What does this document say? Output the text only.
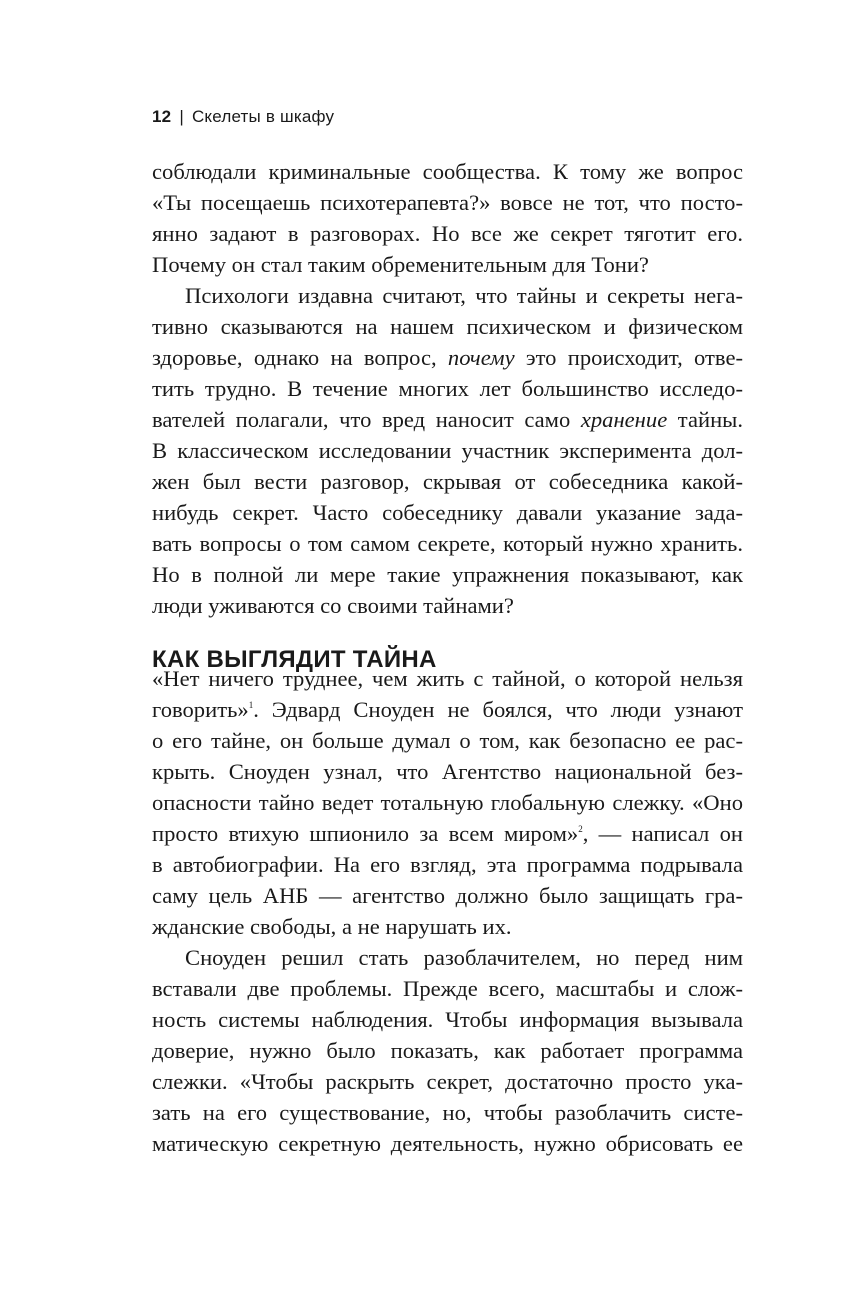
12 | Скелеты в шкафу
соблюдали криминальные сообщества. К тому же вопрос
«Ты посещаешь психотерапевта?» вовсе не тот, что посто-
янно задают в разговорах. Но все же секрет тяготит его.
Почему он стал таким обременительным для Тони?
Психологи издавна считают, что тайны и секреты нега-
тивно сказываются на нашем психическом и физическом
здоровье, однако на вопрос, почему это происходит, отве-
тить трудно. В течение многих лет большинство исследо-
вателей полагали, что вред наносит само хранение тайны.
В классическом исследовании участник эксперимента дол-
жен был вести разговор, скрывая от собеседника какой-
нибудь секрет. Часто собеседнику давали указание зада-
вать вопросы о том самом секрете, который нужно хранить.
Но в полной ли мере такие упражнения показывают, как
люди уживаются со своими тайнами?
КАК ВЫГЛЯДИТ ТАЙНА
«Нет ничего труднее, чем жить с тайной, о которой нельзя
говорить»$^1$. Эдвард Сноуден не боялся, что люди узнают
о его тайне, он больше думал о том, как безопасно ее рас-
крыть. Сноуден узнал, что Агентство национальной без-
опасности тайно ведет тотальную глобальную слежку. «Оно
просто втихую шпионило за всем миром»$^2$, — написал он
в автобиографии. На его взгляд, эта программа подрывала
саму цель АНБ — агентство должно было защищать гра-
жданские свободы, а не нарушать их.
Сноуден решил стать разоблачителем, но перед ним
вставали две проблемы. Прежде всего, масштабы и слож-
ность системы наблюдения. Чтобы информация вызывала
доверие, нужно было показать, как работает программа
слежки. «Чтобы раскрыть секрет, достаточно просто ука-
зать на его существование, но, чтобы разоблачить систе-
матическую секретную деятельность, нужно обрисовать ее
